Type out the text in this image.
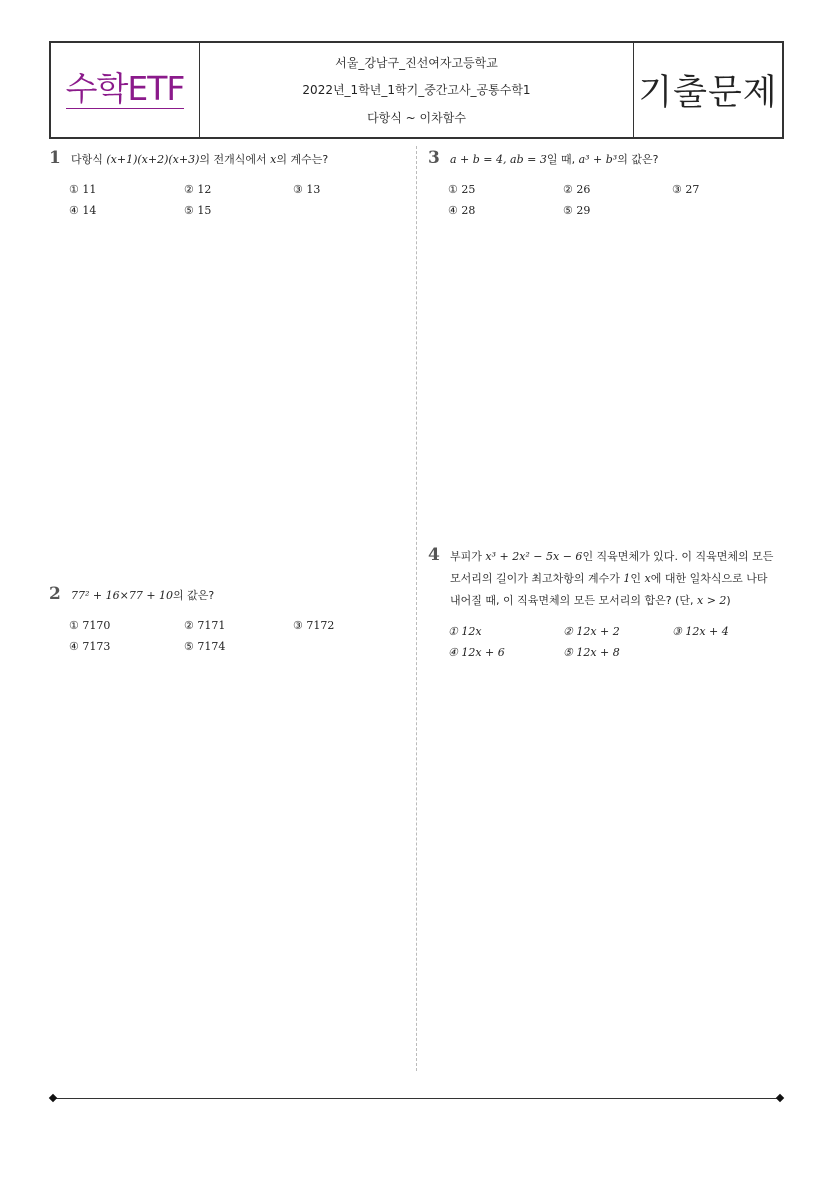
수학ETF
서울_강남구_진선여자고등학교
2022년_1학년_1학기_중간고사_공통수학1
다항식 ~ 이차함수
기출문제
1 다항식 (x+1)(x+2)(x+3)의 전개식에서 x의 계수는?
① 11	② 12	③ 13
④ 14	⑤ 15
2 77² + 16×77 + 10의 값은?
① 7170	② 7171	③ 7172
④ 7173	⑤ 7174
3 a + b = 4, ab = 3일 때, a³ + b³의 값은?
① 25	② 26	③ 27
④ 28	⑤ 29
4 부피가 x³ + 2x² − 5x − 6인 직육면체가 있다. 이 직육면체의 모든 모서리의 길이가 최고차항의 계수가 1인 x에 대한 일차식으로 나타내어질 때, 이 직육면체의 모든 모서리의 합은? (단, x > 2)
① 12x	② 12x + 2	③ 12x + 4
④ 12x + 6	⑤ 12x + 8
